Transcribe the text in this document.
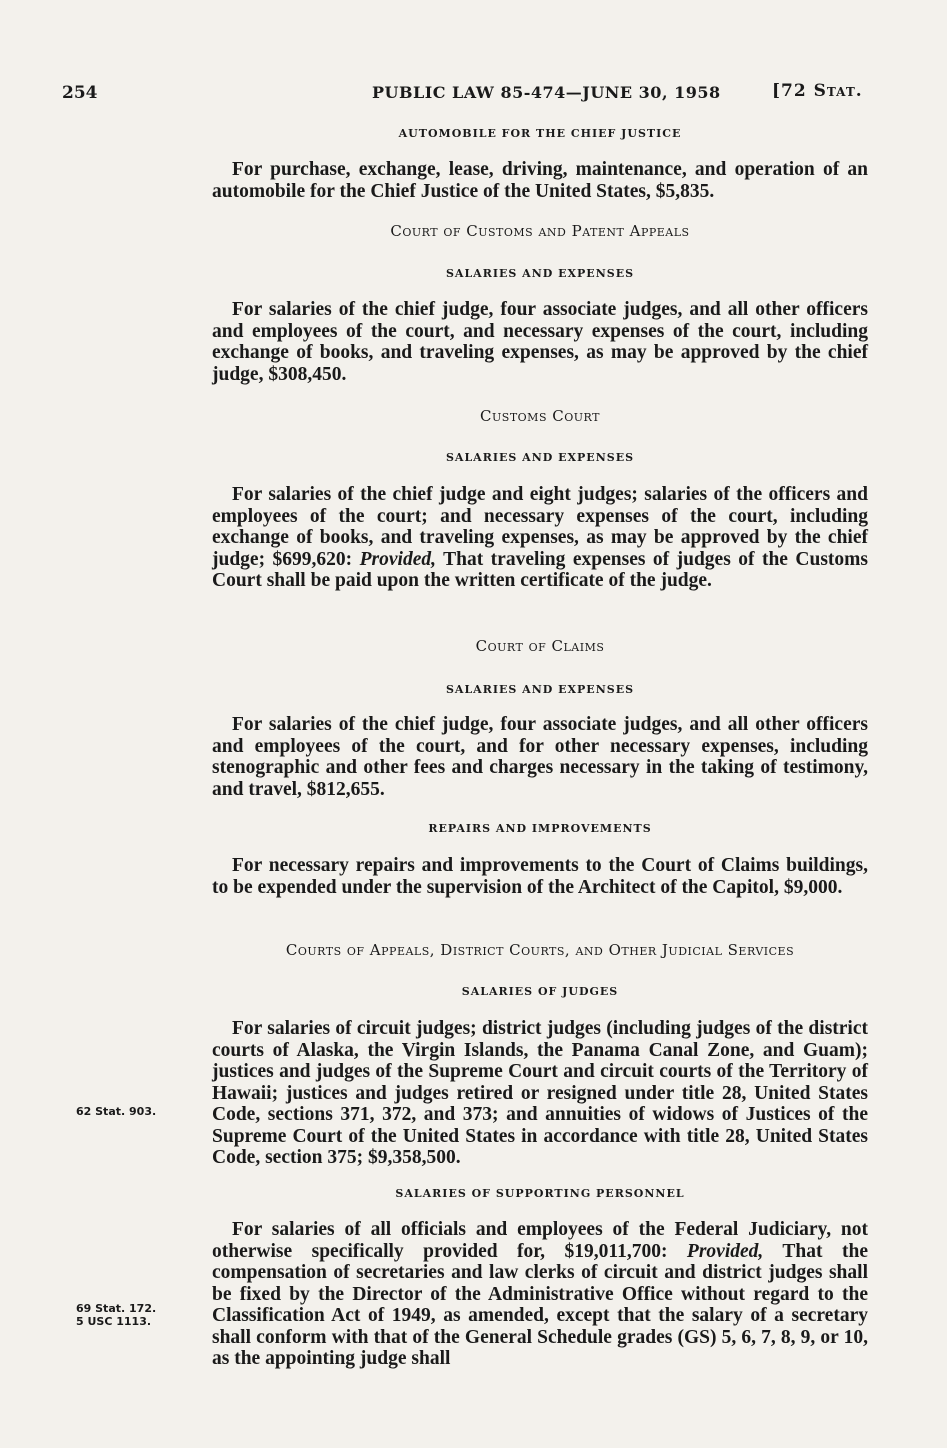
254	PUBLIC LAW 85-474—JUNE 30, 1958	[72 Stat.
AUTOMOBILE FOR THE CHIEF JUSTICE
For purchase, exchange, lease, driving, maintenance, and operation of an automobile for the Chief Justice of the United States, $5,835.
Court of Customs and Patent Appeals
SALARIES AND EXPENSES
For salaries of the chief judge, four associate judges, and all other officers and employees of the court, and necessary expenses of the court, including exchange of books, and traveling expenses, as may be approved by the chief judge, $308,450.
Customs Court
SALARIES AND EXPENSES
For salaries of the chief judge and eight judges; salaries of the officers and employees of the court; and necessary expenses of the court, including exchange of books, and traveling expenses, as may be approved by the chief judge; $699,620: Provided, That traveling expenses of judges of the Customs Court shall be paid upon the written certificate of the judge.
Court of Claims
SALARIES AND EXPENSES
For salaries of the chief judge, four associate judges, and all other officers and employees of the court, and for other necessary expenses, including stenographic and other fees and charges necessary in the taking of testimony, and travel, $812,655.
REPAIRS AND IMPROVEMENTS
For necessary repairs and improvements to the Court of Claims buildings, to be expended under the supervision of the Architect of the Capitol, $9,000.
Courts of Appeals, District Courts, and Other Judicial Services
SALARIES OF JUDGES
For salaries of circuit judges; district judges (including judges of the district courts of Alaska, the Virgin Islands, the Panama Canal Zone, and Guam); justices and judges of the Supreme Court and circuit courts of the Territory of Hawaii; justices and judges retired or resigned under title 28, United States Code, sections 371, 372, and 373; and annuities of widows of Justices of the Supreme Court of the United States in accordance with title 28, United States Code, section 375; $9,358,500.
SALARIES OF SUPPORTING PERSONNEL
For salaries of all officials and employees of the Federal Judiciary, not otherwise specifically provided for, $19,011,700: Provided, That the compensation of secretaries and law clerks of circuit and district judges shall be fixed by the Director of the Administrative Office without regard to the Classification Act of 1949, as amended, except that the salary of a secretary shall conform with that of the General Schedule grades (GS) 5, 6, 7, 8, 9, or 10, as the appointing judge shall
62 Stat. 903.
69 Stat. 172.
5 USC 1113.
